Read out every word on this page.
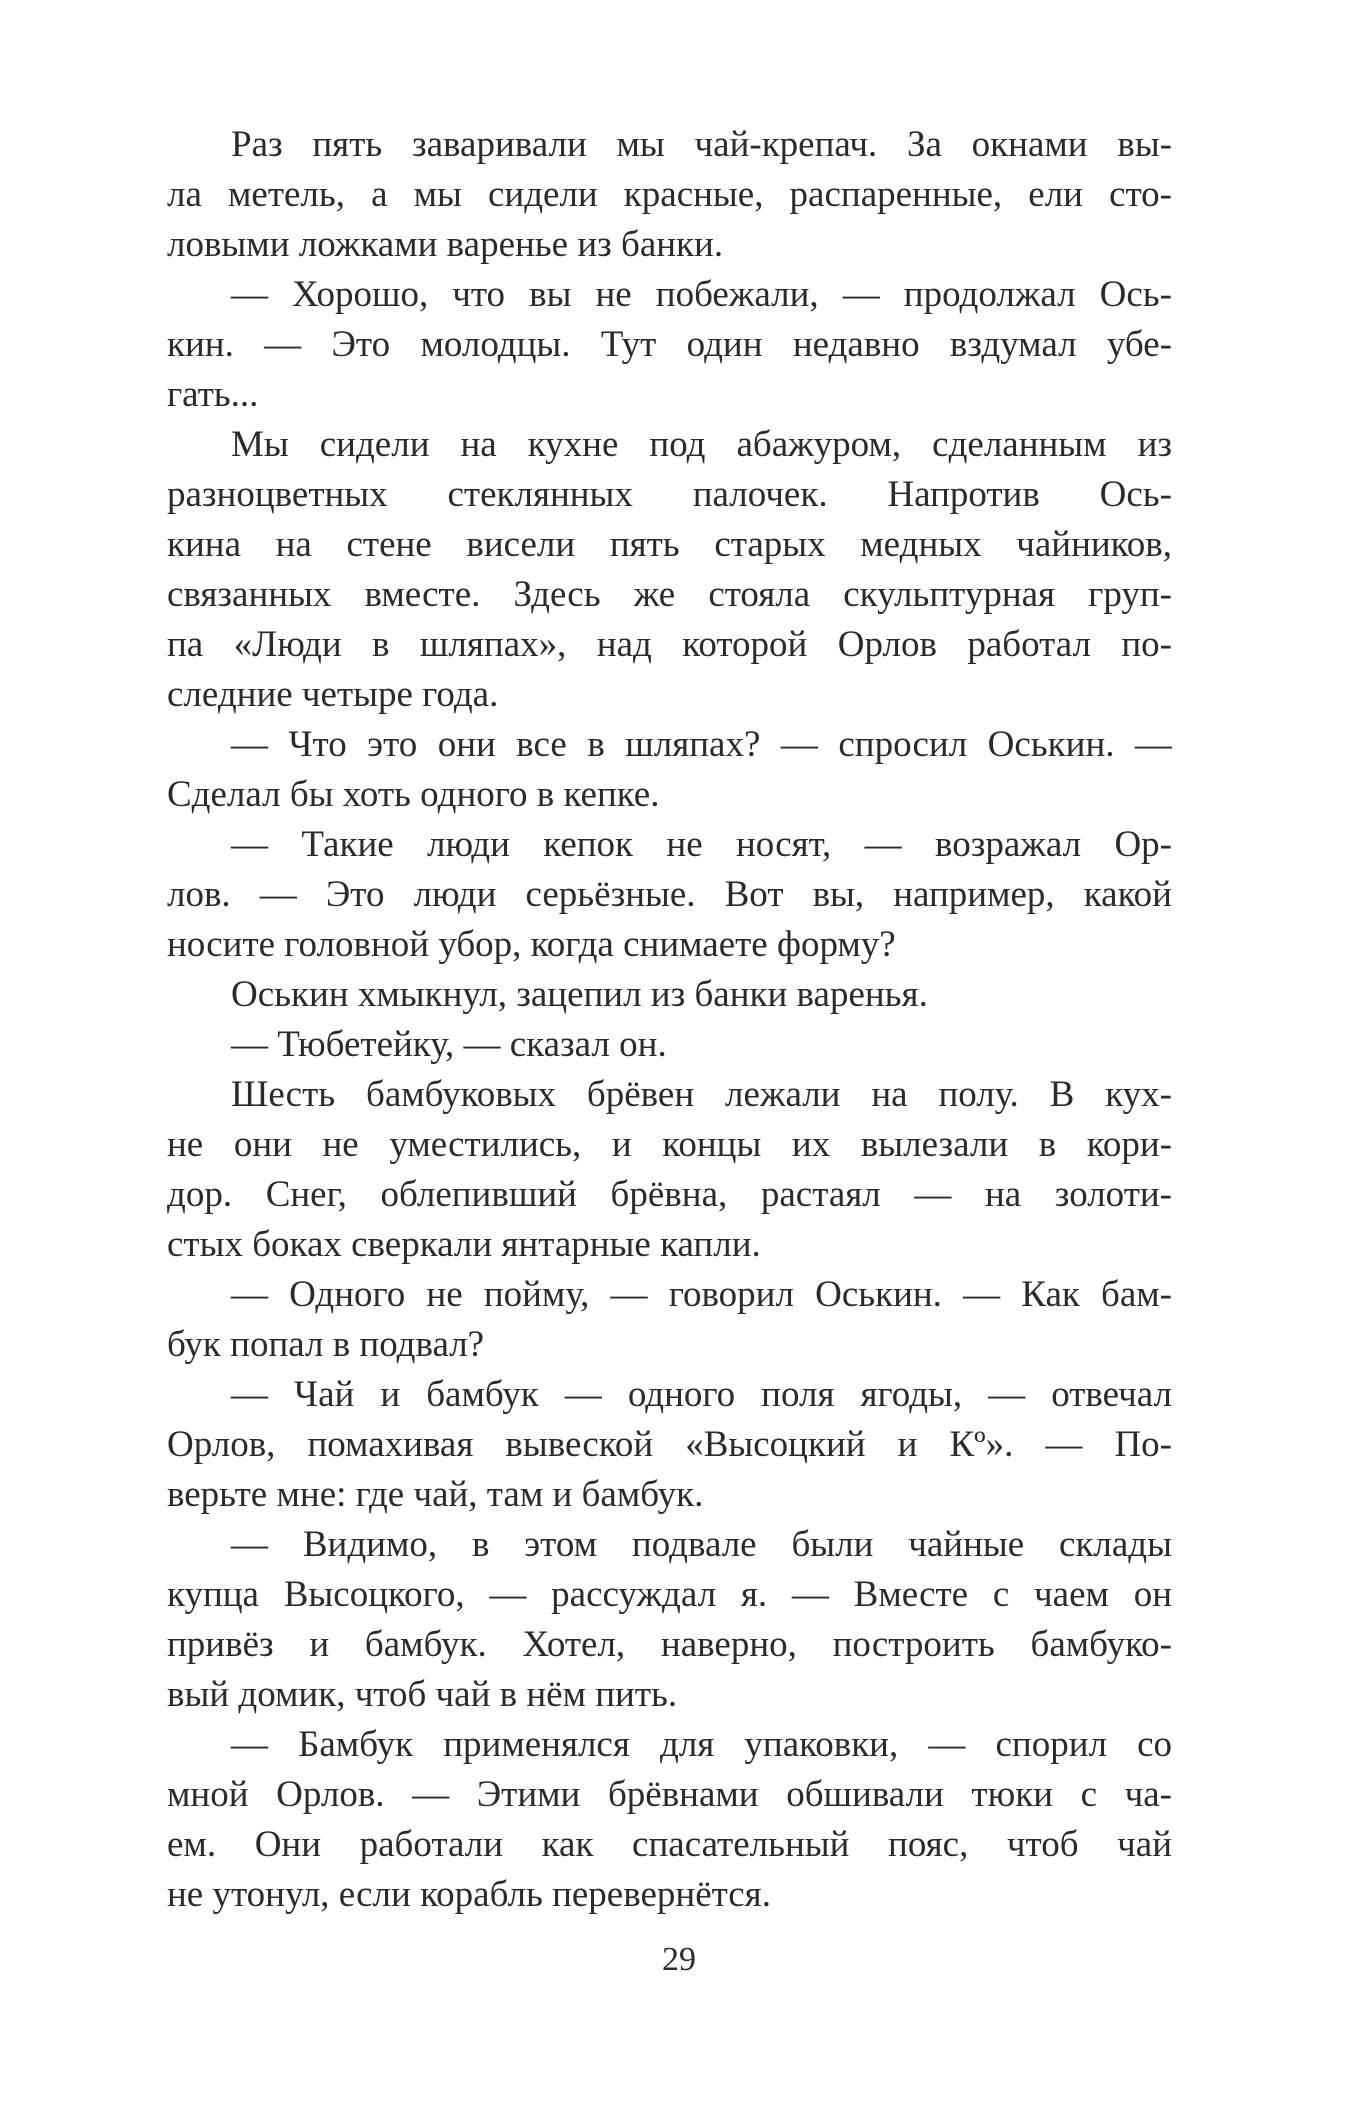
Раз пять заваривали мы чай-крепач. За окнами вы-
ла метель, а мы сидели красные, распаренные, ели сто-
ловыми ложками варенье из банки.
— Хорошо, что вы не побежали, — продолжал Ось-
кин. — Это молодцы. Тут один недавно вздумал убе-
гать...
Мы сидели на кухне под абажуром, сделанным из
разноцветных стеклянных палочек. Напротив Ось-
кина на стене висели пять старых медных чайников,
связанных вместе. Здесь же стояла скульптурная груп-
па «Люди в шляпах», над которой Орлов работал по-
следние четыре года.
— Что это они все в шляпах? — спросил Оськин. —
Сделал бы хоть одного в кепке.
— Такие люди кепок не носят, — возражал Ор-
лов. — Это люди серьёзные. Вот вы, например, какой
носите головной убор, когда снимаете форму?
Оськин хмыкнул, зацепил из банки варенья.
— Тюбетейку, — сказал он.
Шесть бамбуковых брёвен лежали на полу. В кух-
не они не уместились, и концы их вылезали в кори-
дор. Снег, облепивший брёвна, растаял — на золоти-
стых боках сверкали янтарные капли.
— Одного не пойму, — говорил Оськин. — Как бам-
бук попал в подвал?
— Чай и бамбук — одного поля ягоды, — отвечал
Орлов, помахивая вывеской «Высоцкий и Кº». — По-
верьте мне: где чай, там и бамбук.
— Видимо, в этом подвале были чайные склады
купца Высоцкого, — рассуждал я. — Вместе с чаем он
привёз и бамбук. Хотел, наверно, построить бамбуко-
вый домик, чтоб чай в нём пить.
— Бамбук применялся для упаковки, — спорил со
мной Орлов. — Этими брёвнами обшивали тюки с ча-
ем. Они работали как спасательный пояс, чтоб чай
не утонул, если корабль перевернётся.
29
